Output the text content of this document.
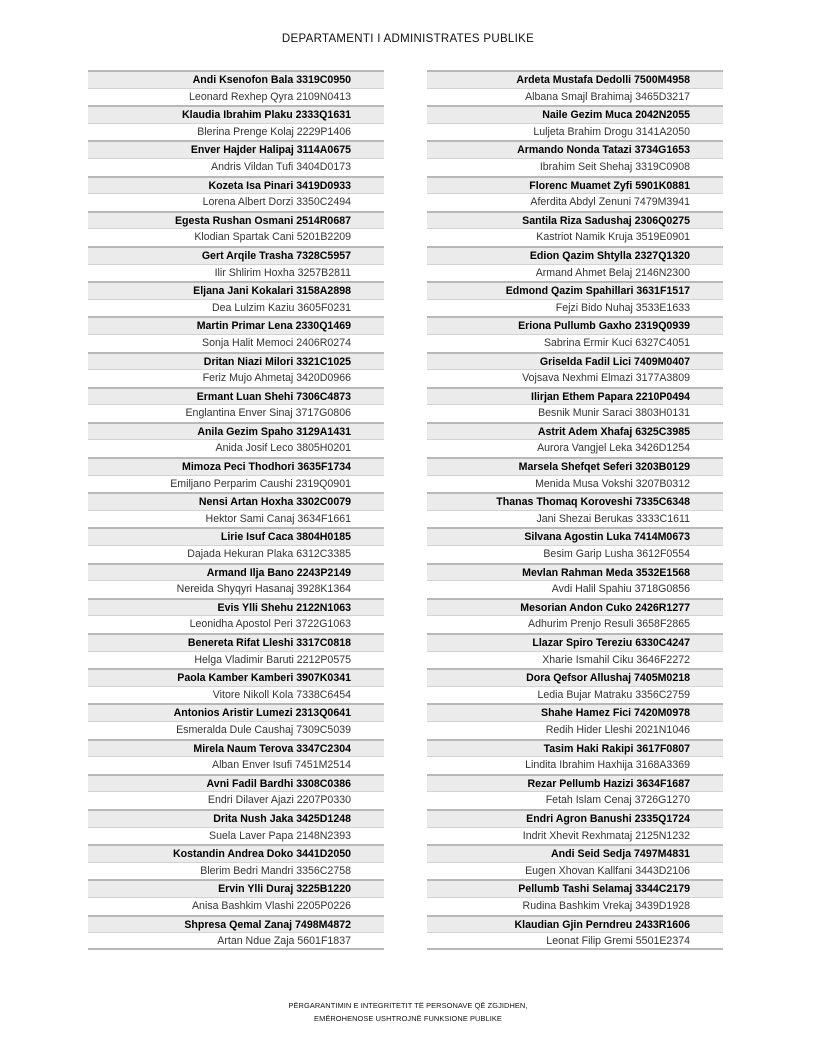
DEPARTAMENTI I ADMINISTRATES PUBLIKE
Andi Ksenofon Bala 3319C0950
Leonard Rexhep Qyra 2109N0413
Klaudia Ibrahim Plaku 2333Q1631
Blerina Prenge Kolaj 2229P1406
Enver Hajder Halipaj 3114A0675
Andris Vildan Tufi 3404D0173
Kozeta Isa Pinari 3419D0933
Lorena Albert Dorzi 3350C2494
Egesta Rushan Osmani 2514R0687
Klodian Spartak Cani 5201B2209
Gert Arqile Trasha 7328C5957
Ilir Shlirim Hoxha 3257B2811
Eljana Jani Kokalari 3158A2898
Dea Lulzim Kaziu 3605F0231
Martin Primar Lena 2330Q1469
Sonja Halit Memoci 2406R0274
Dritan Niazi Milori 3321C1025
Feriz Mujo Ahmetaj 3420D0966
Ermant Luan Shehi 7306C4873
Englantina Enver Sinaj 3717G0806
Anila Gezim Spaho 3129A1431
Anida Josif Leco 3805H0201
Mimoza Peci Thodhori 3635F1734
Emiljano Perparim Caushi 2319Q0901
Nensi Artan Hoxha 3302C0079
Hektor Sami Canaj 3634F1661
Lirie Isuf Caca 3804H0185
Dajada Hekuran Plaka 6312C3385
Armand Ilja Bano 2243P2149
Nereida Shyqyri Hasanaj 3928K1364
Evis Ylli Shehu 2122N1063
Leonidha Apostol Peri 3722G1063
Benereta Rifat Lleshi 3317C0818
Helga Vladimir Baruti 2212P0575
Paola Kamber Kamberi 3907K0341
Vitore Nikoll Kola 7338C6454
Antonios Aristir Lumezi 2313Q0641
Esmeralda Dule Caushaj 7309C5039
Mirela Naum Terova 3347C2304
Alban Enver Isufi 7451M2514
Avni Fadil Bardhi 3308C0386
Endri Dilaver Ajazi 2207P0330
Drita Nush Jaka 3425D1248
Suela Laver Papa 2148N2393
Kostandin Andrea Doko 3441D2050
Blerim Bedri Mandri 3356C2758
Ervin Ylli Duraj 3225B1220
Anisa Bashkim Vlashi 2205P0226
Shpresa Qemal Zanaj 7498M4872
Artan Ndue Zaja 5601F1837
Ardeta Mustafa Dedolli 7500M4958
Albana Smajl Brahimaj 3465D3217
Naile Gezim Muca 2042N2055
Luljeta Brahim Drogu 3141A2050
Armando Nonda Tatazi 3734G1653
Ibrahim Seit Shehaj 3319C0908
Florenc Muamet Zyfi 5901K0881
Aferdita Abdyl Zenuni 7479M3941
Santila Riza Sadushaj 2306Q0275
Kastriot Namik Kruja 3519E0901
Edion Qazim Shtylla 2327Q1320
Armand Ahmet Belaj 2146N2300
Edmond Qazim Spahillari 3631F1517
Fejzi Bido Nuhaj 3533E1633
Eriona Pullumb Gaxho 2319Q0939
Sabrina Ermir Kuci 6327C4051
Griselda Fadil Lici 7409M0407
Vojsava Nexhmi Elmazi 3177A3809
Ilirjan Ethem Papara 2210P0494
Besnik Munir Saraci 3803H0131
Astrit Adem Xhafaj 6325C3985
Aurora Vangjel Leka 3426D1254
Marsela Shefqet Seferi 3203B0129
Menida Musa Vokshi 3207B0312
Thanas Thomaq Koroveshi 7335C6348
Jani Shezai Berukas 3333C1611
Silvana Agostin Luka 7414M0673
Besim Garip Lusha 3612F0554
Mevlan Rahman Meda 3532E1568
Avdi Halil Spahiu 3718G0856
Mesorian Andon Cuko 2426R1277
Adhurim Prenjo Resuli 3658F2865
Llazar Spiro Tereziu 6330C4247
Xharie Ismahil Ciku 3646F2272
Dora Qefsor Allushaj 7405M0218
Ledia Bujar Matraku 3356C2759
Shahe Hamez Fici 7420M0978
Redih Hider Lleshi 2021N1046
Tasim Haki Rakipi 3617F0807
Lindita Ibrahim Haxhija 3168A3369
Rezar Pellumb Hazizi 3634F1687
Fetah Islam Cenaj 3726G1270
Endri Agron Banushi 2335Q1724
Indrit Xhevit Rexhmataj 2125N1232
Andi Seid Sedja 7497M4831
Eugen Xhovan Kallfani 3443D2106
Pellumb Tashi Selamaj 3344C2179
Rudina Bashkim Vrekaj 3439D1928
Klaudian Gjin Perndreu 2433R1606
Leonat Filip Gremi 5501E2374
PËRGARANTIMIN E INTEGRITETIT TË PERSONAVE QË ZGJIDHEN,
EMËROHENOSE USHTROJNË FUNKSIONE PUBLIKE
